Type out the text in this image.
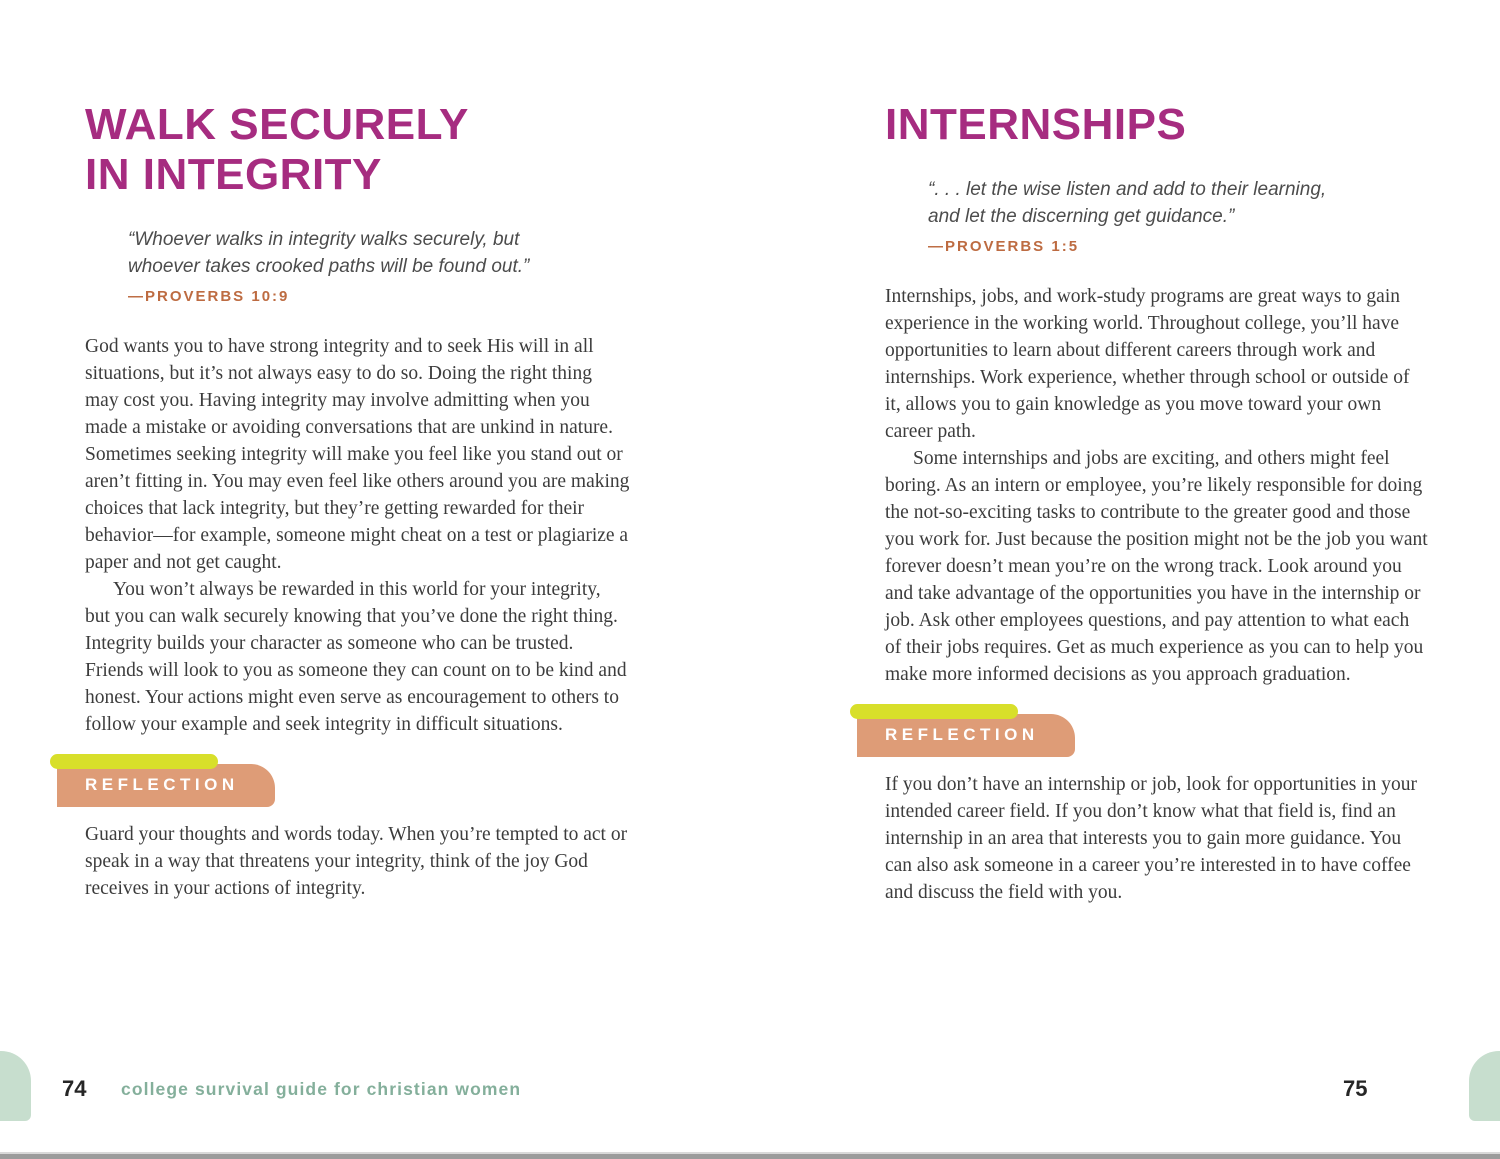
WALK SECURELY
IN INTEGRITY
“Whoever walks in integrity walks securely, but
whoever takes crooked paths will be found out.”
—PROVERBS 10:9

God wants you to have strong integrity and to seek His will in all situations, but it’s not always easy to do so. Doing the right thing may cost you. Having integrity may involve admitting when you made a mistake or avoiding conversations that are unkind in nature. Sometimes seeking integrity will make you feel like you stand out or aren’t fitting in. You may even feel like others around you are making choices that lack integrity, but they’re getting rewarded for their behavior—for example, someone might cheat on a test or plagiarize a paper and not get caught.

You won’t always be rewarded in this world for your integrity, but you can walk securely knowing that you’ve done the right thing. Integrity builds your character as someone who can be trusted. Friends will look to you as someone they can count on to be kind and honest. Your actions might even serve as encouragement to others to follow your example and seek integrity in difficult situations.

REFLECTION

Guard your thoughts and words today. When you’re tempted to act or speak in a way that threatens your integrity, think of the joy God receives in your actions of integrity.

INTERNSHIPS
“. . . let the wise listen and add to their learning,
and let the discerning get guidance.”
—PROVERBS 1:5

Internships, jobs, and work-study programs are great ways to gain experience in the working world. Throughout college, you’ll have opportunities to learn about different careers through work and internships. Work experience, whether through school or outside of it, allows you to gain knowledge as you move toward your own career path.

Some internships and jobs are exciting, and others might feel boring. As an intern or employee, you’re likely responsible for doing the not-so-exciting tasks to contribute to the greater good and those you work for. Just because the position might not be the job you want forever doesn’t mean you’re on the wrong track. Look around you and take advantage of the opportunities you have in the internship or job. Ask other employees questions, and pay attention to what each of their jobs requires. Get as much experience as you can to help you make more informed decisions as you approach graduation.

REFLECTION

If you don’t have an internship or job, look for opportunities in your intended career field. If you don’t know what that field is, find an internship in an area that interests you to gain more guidance. You can also ask someone in a career you’re interested in to have coffee and discuss the field with you.

74 college survival guide for christian women	75
